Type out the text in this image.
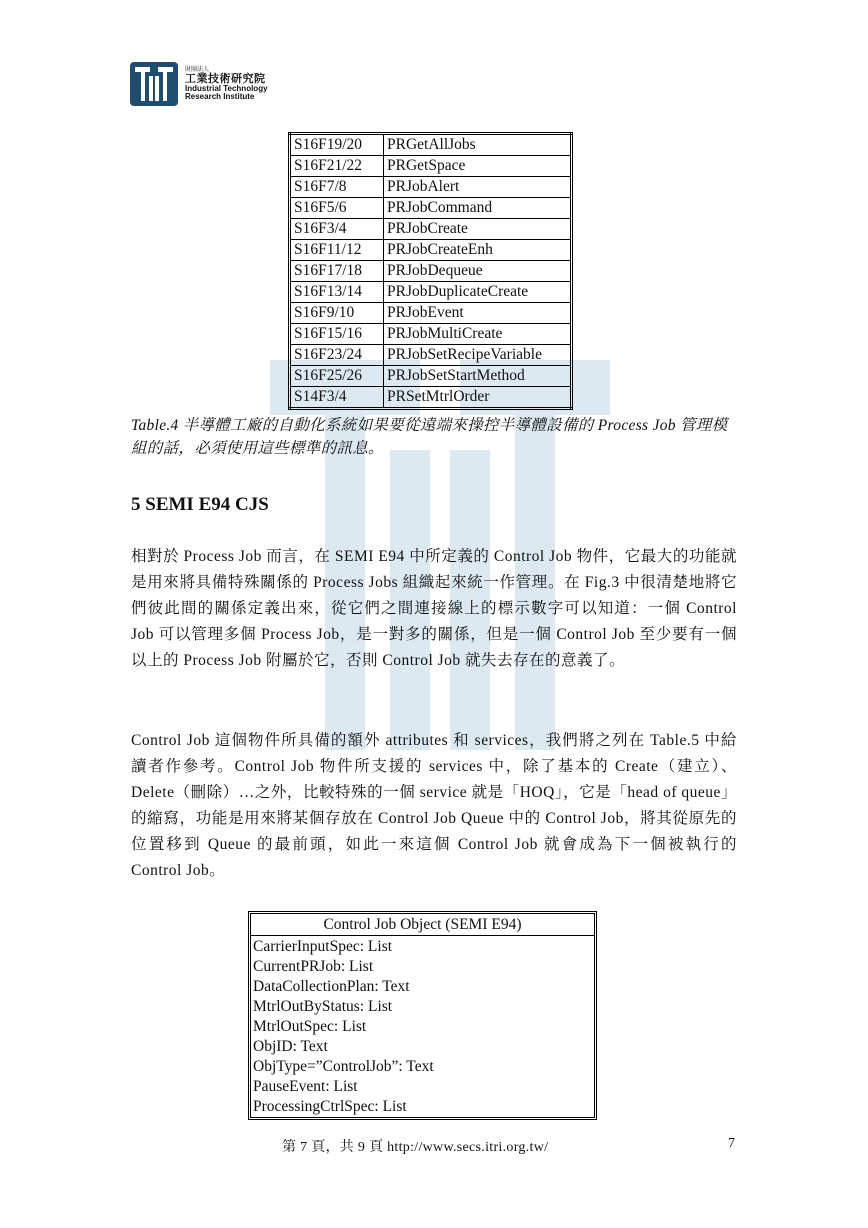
財團法人
工業技術研究院
Industrial Technology
Research Institute
S16F19/20	PRGetAllJobs
S16F21/22	PRGetSpace
S16F7/8	PRJobAlert
S16F5/6	PRJobCommand
S16F3/4	PRJobCreate
S16F11/12	PRJobCreateEnh
S16F17/18	PRJobDequeue
S16F13/14	PRJobDuplicateCreate
S16F9/10	PRJobEvent
S16F15/16	PRJobMultiCreate
S16F23/24	PRJobSetRecipeVariable
S16F25/26	PRJobSetStartMethod
S14F3/4	PRSetMtrlOrder
Table.4 半導體工廠的自動化系統如果要從遠端來操控半導體設備的 Process Job 管理模組的話，必須使用這些標準的訊息。
5 SEMI E94 CJS
相對於 Process Job 而言，在 SEMI E94 中所定義的 Control Job 物件，它最大的功能就是用來將具備特殊關係的 Process Jobs 組織起來統一作管理。在 Fig.3 中很清楚地將它們彼此間的關係定義出來，從它們之間連接線上的標示數字可以知道：一個 Control Job 可以管理多個 Process Job，是一對多的關係，但是一個 Control Job 至少要有一個以上的 Process Job 附屬於它，否則 Control Job 就失去存在的意義了。
Control Job 這個物件所具備的額外 attributes 和 services，我們將之列在 Table.5 中給讀者作參考。Control Job 物件所支援的 services 中，除了基本的 Create（建立）、Delete（刪除）…之外，比較特殊的一個 service 就是「HOQ」，它是「head of queue」的縮寫，功能是用來將某個存放在 Control Job Queue 中的 Control Job，將其從原先的位置移到 Queue 的最前頭，如此一來這個 Control Job 就會成為下一個被執行的 Control Job。
Control Job Object (SEMI E94)
CarrierInputSpec: List
CurrentPRJob: List
DataCollectionPlan: Text
MtrlOutByStatus: List
MtrlOutSpec: List
ObjID: Text
ObjType=”ControlJob”: Text
PauseEvent: List
ProcessingCtrlSpec: List
第 7 頁，共 9 頁 http://www.secs.itri.org.tw/	7
